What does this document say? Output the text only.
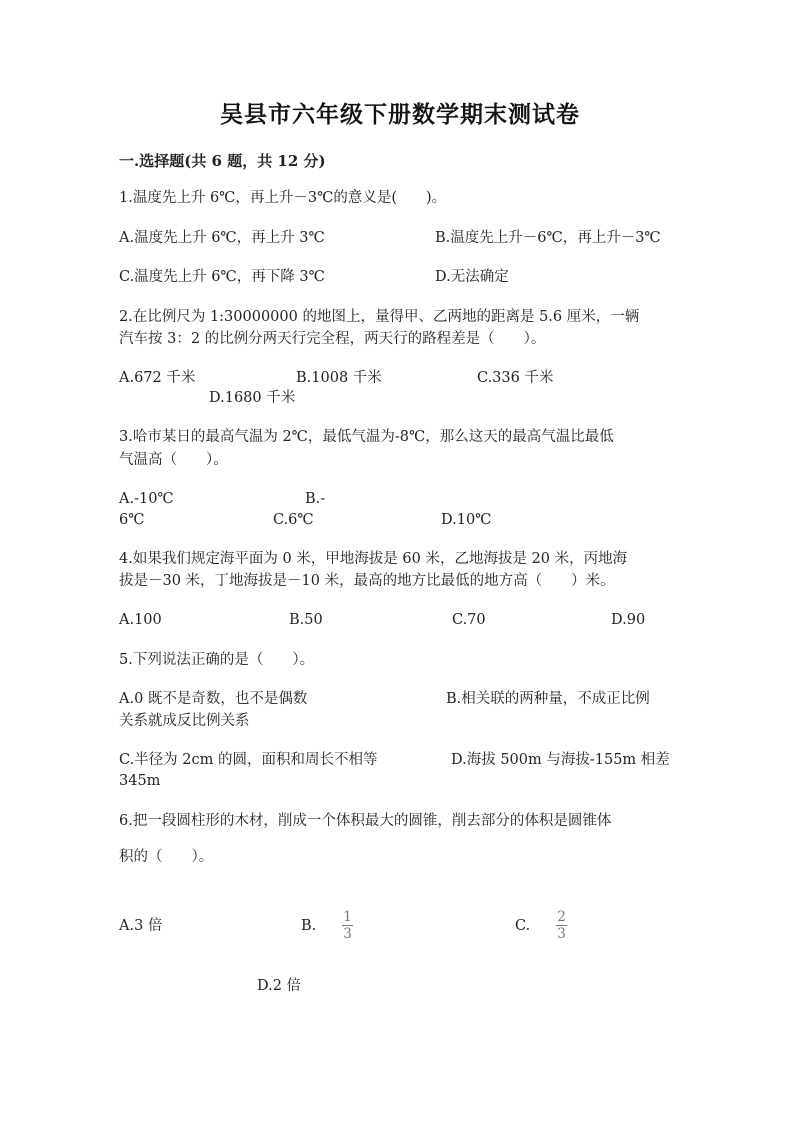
吴县市六年级下册数学期末测试卷
一.选择题(共 6 题，共 12 分)
1.温度先上升 6℃，再上升－3℃的意义是(　　)。
A.温度先上升 6℃，再上升 3℃	B.温度先上升－6℃，再上升－3℃
C.温度先上升 6℃，再下降 3℃	D.无法确定
2.在比例尺为 1:30000000 的地图上，量得甲、乙两地的距离是 5.6 厘米，一辆
汽车按 3：2 的比例分两天行完全程，两天行的路程差是（　　）。
A.672 千米	B.1008 千米	C.336 千米
D.1680 千米
3.哈市某日的最高气温为 2℃，最低气温为-8℃，那么这天的最高气温比最低
气温高（　　）。
A.-10℃	B.-
6℃	C.6℃	D.10℃
4.如果我们规定海平面为 0 米，甲地海拔是 60 米，乙地海拔是 20 米，丙地海
拔是－30 米，丁地海拔是－10 米，最高的地方比最低的地方高（　　）米。
A.100	B.50	C.70	D.90
5.下列说法正确的是（　　）。
A.0 既不是奇数，也不是偶数	B.相关联的两种量，不成正比例
关系就成反比例关系
C.半径为 2cm 的圆，面积和周长不相等	D.海拔 500m 与海拔-155m 相差
345m
6.把一段圆柱形的木材，削成一个体积最大的圆锥，削去部分的体积是圆锥体
积的（　　）。
A.3 倍	B.
1
3	C.
2
3
D.2 倍
